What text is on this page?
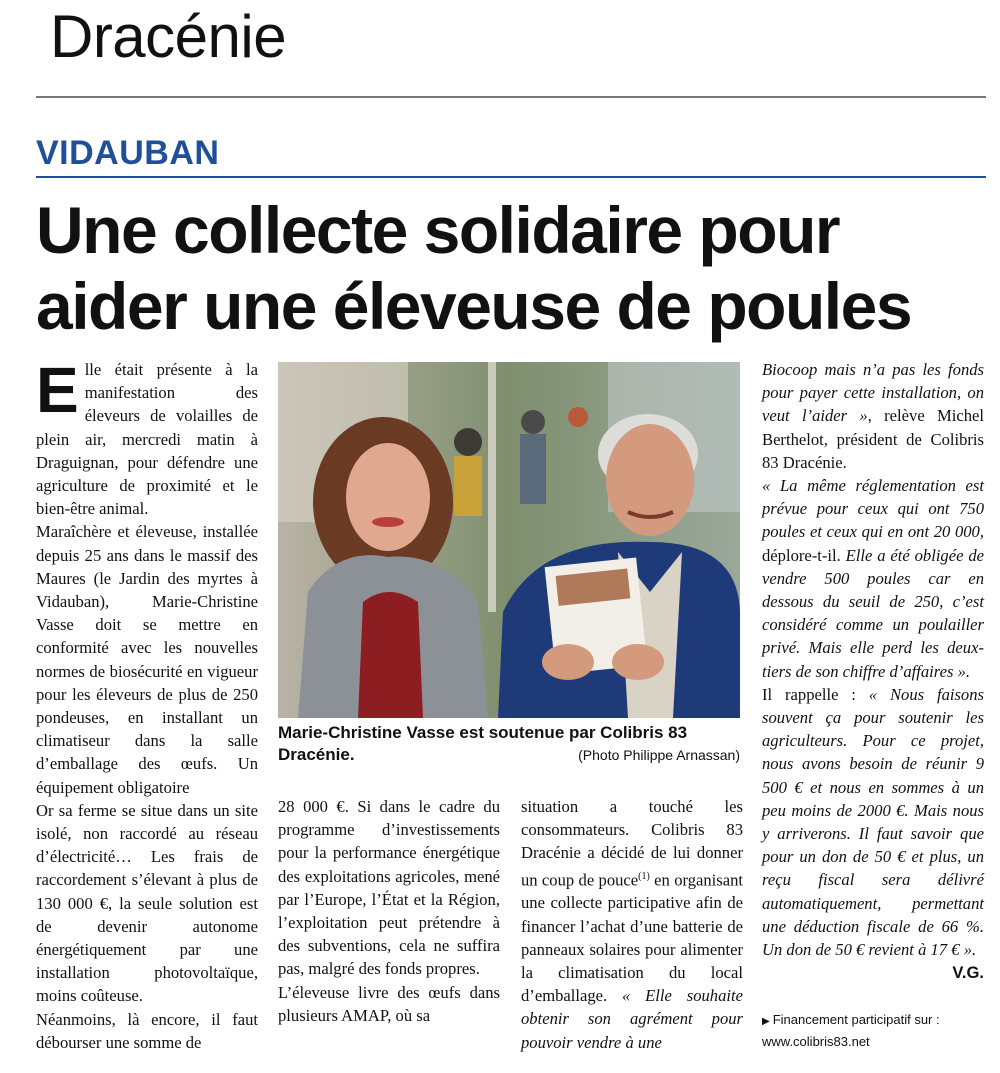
Dracénie
VIDAUBAN
Une collecte solidaire pour aider une éleveuse de poules

Elle était présente à la manifestation des éleveurs de volailles de plein air, mercredi matin à Draguignan, pour défendre une agriculture de proximité et le bien-être animal.

Maraîchère et éleveuse, installée depuis 25 ans dans le massif des Maures (le Jardin des myrtes à Vidauban), Marie-Christine Vasse doit se mettre en conformité avec les nouvelles normes de biosécurité en vigueur pour les éleveurs de plus de 250 pondeuses, en installant un climatiseur dans la salle d’emballage des œufs. Un équipement obligatoire

Or sa ferme se situe dans un site isolé, non raccordé au réseau d’électricité… Les frais de raccordement s’élevant à plus de 130 000 €, la seule solution est de devenir autonome énergétiquement par une installation photovoltaïque, moins coûteuse.

Néanmoins, là encore, il faut débourser une somme de

Marie-Christine Vasse est soutenue par Colibris 83 Dracénie.	(Photo Philippe Arnassan)

28 000 €. Si dans le cadre du programme d’investissements pour la performance énergétique des exploitations agricoles, mené par l’Europe, l’État et la Région, l’exploitation peut prétendre à des subventions, cela ne suffira pas, malgré des fonds propres.

L’éleveuse livre des œufs dans plusieurs AMAP, où sa

situation a touché les consommateurs. Colibris 83 Dracénie a décidé de lui donner un coup de pouce$^{(1)}$ en organisant une collecte participative afin de financer l’achat d’une batterie de panneaux solaires pour alimenter la climatisation du local d’emballage. « Elle souhaite obtenir son agrément pour pouvoir vendre à une

Biocoop mais n’a pas les fonds pour payer cette installation, on veut l’aider », relève Michel Berthelot, président de Colibris 83 Dracénie.

« La même réglementation est prévue pour ceux qui ont 750 poules et ceux qui en ont 20 000, déplore-t-il. Elle a été obligée de vendre 500 poules car en dessous du seuil de 250, c’est considéré comme un poulailler privé. Mais elle perd les deux-tiers de son chiffre d’affaires ».

Il rappelle : « Nous faisons souvent ça pour soutenir les agriculteurs. Pour ce projet, nous avons besoin de réunir 9 500 € et nous en sommes à un peu moins de 2000 €. Mais nous y arriverons. Il faut savoir que pour un don de 50 € et plus, un reçu fiscal sera délivré automatiquement, permettant une déduction fiscale de 66 %. Un don de 50 € revient à 17 € ».

V.G.

▶ Financement participatif sur :
www.colibris83.net
